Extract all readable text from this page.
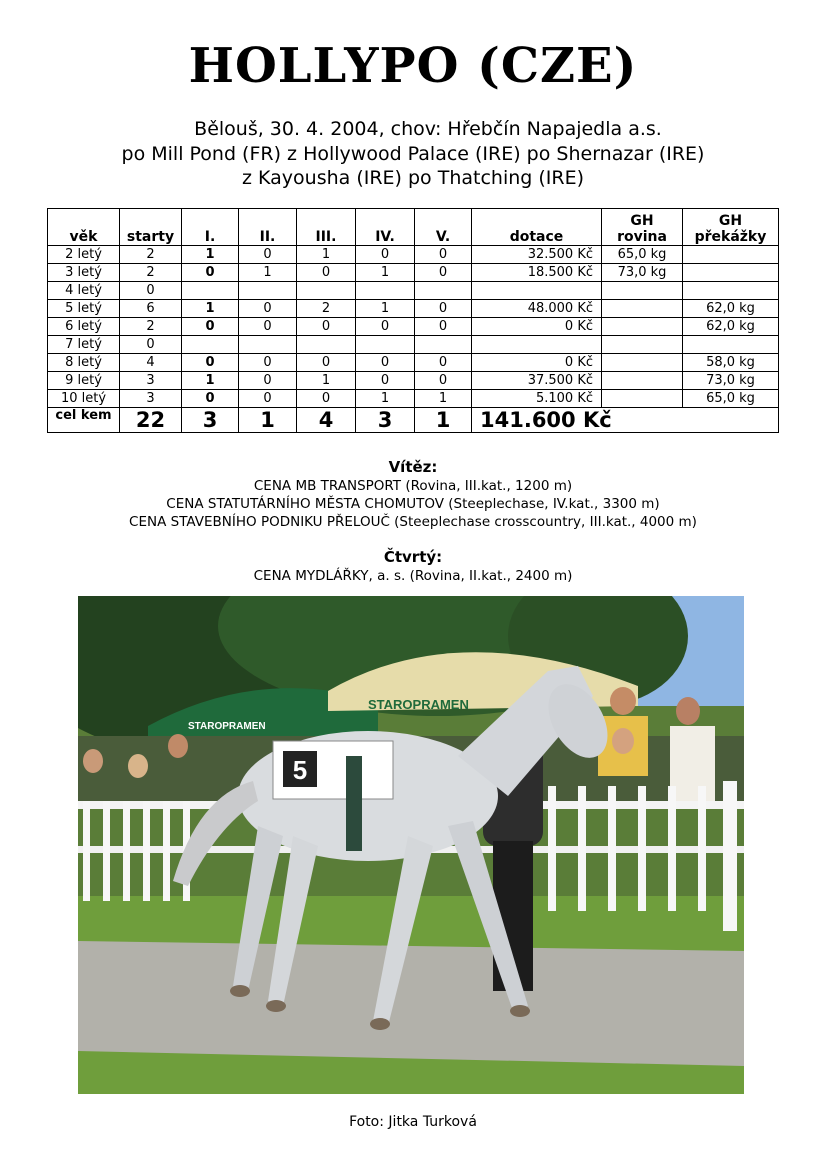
HOLLYPO (CZE)
Bělouš, 30. 4. 2004, chov: Hřebčín Napajedla a.s.
po Mill Pond (FR) z Hollywood Palace (IRE) po Shernazar (IRE)
z Kayousha (IRE) po Thatching (IRE)
věk	starty	I.	II.	III.	IV.	V.	dotace	GH rovina	GH překážky
2 letý	2	1	0	1	0	0	32.500 Kč	65,0 kg	
3 letý	2	0	1	0	1	0	18.500 Kč	73,0 kg	
4 letý	0								
5 letý	6	1	0	2	1	0	48.000 Kč		62,0 kg
6 letý	2	0	0	0	0	0	0 Kč		62,0 kg
7 letý	0								
8 letý	4	0	0	0	0	0	0 Kč		58,0 kg
9 letý	3	1	0	1	0	0	37.500 Kč		73,0 kg
10 letý	3	0	0	0	1	1	5.100 Kč		65,0 kg
cel kem	22	3	1	4	3	1	141.600 Kč		
Vítěz:
CENA MB TRANSPORT (Rovina, III.kat., 1200 m)
CENA STATUTÁRNÍHO MĚSTA CHOMUTOV (Steeplechase, IV.kat., 3300 m)
CENA STAVEBNÍHO PODNIKU PŘELOUČ (Steeplechase crosscountry, III.kat., 4000 m)
Čtvrtý:
CENA MYDLÁŘKY, a. s. (Rovina, II.kat., 2400 m)
STAROPRAMEN
STAROPRAMEN
5
Foto: Jitka Turková
